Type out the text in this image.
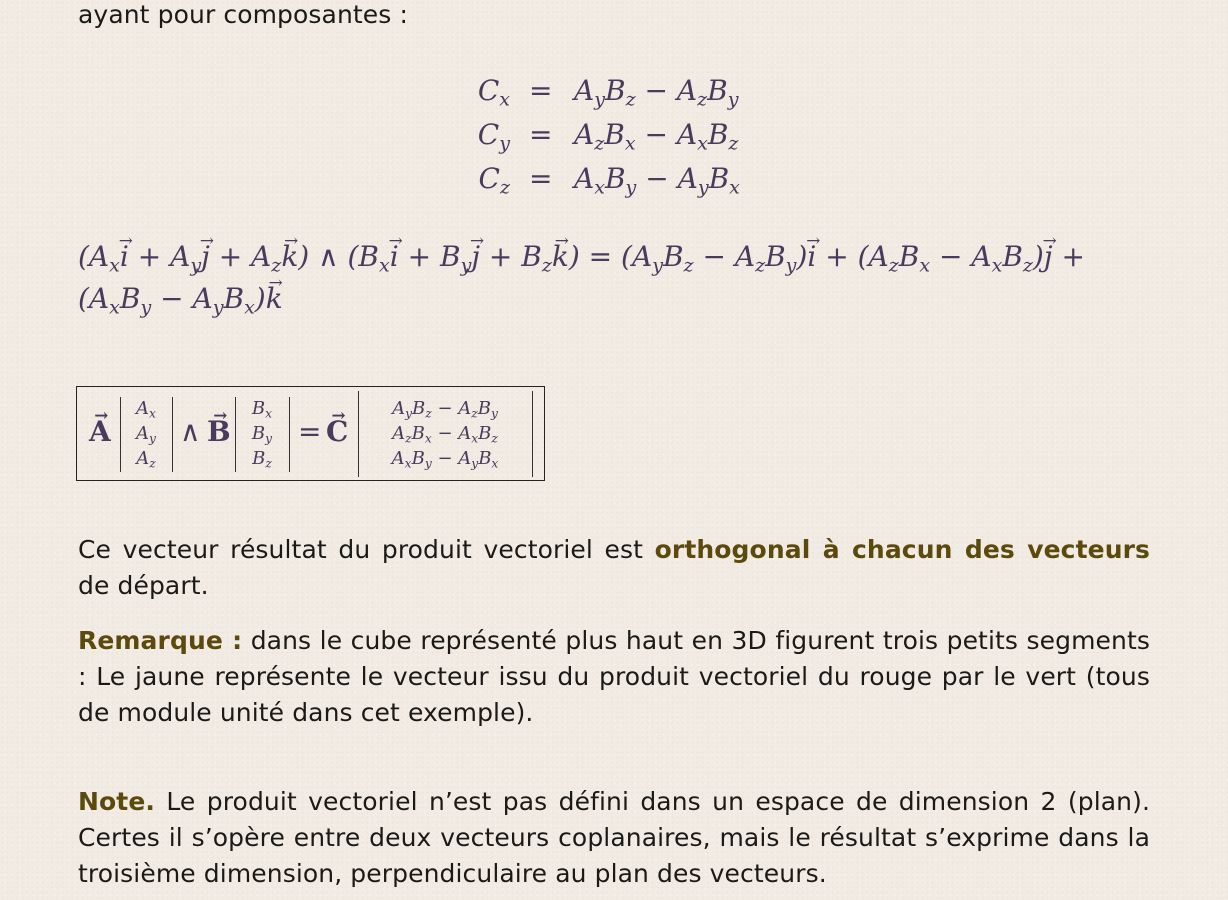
ayant pour composantes :

$C_x = A_yB_z - A_zB_y$
$C_y = A_zB_x - A_xB_z$
$C_z = A_xB_y - A_yB_x$
($A_xi$ → + $A_yj$ → + $A_zk$ →) ∧ ($B_xi$ → + $B_yj$ → + $B_zk$ →) = $(A_yB_z - A_zB_y)i$ → + $(A_zB_x - A_xB_z)j$ → +
$(A_xB_y - A_yB_x)k$ →
A →
$A_x$
$A_y$
$A_z$
∧ B →
$B_x$
$B_y$
$B_z$
= C →
$A_yB_z - A_zB_y$
$A_zB_x - A_xB_z$
$A_xB_y - A_yB_x$

Ce vecteur résultat du produit vectoriel est orthogonal à chacun des vecteurs de départ.

Remarque : dans le cube représenté plus haut en 3D figurent trois petits segments : Le jaune représente le vecteur issu du produit vectoriel du rouge par le vert (tous de module unité dans cet exemple).

Note. Le produit vectoriel n’est pas défini dans un espace de dimension 2 (plan). Certes il s’opère entre deux vecteurs coplanaires, mais le résultat s’exprime dans la troisième dimension, perpendiculaire au plan des vecteurs.
